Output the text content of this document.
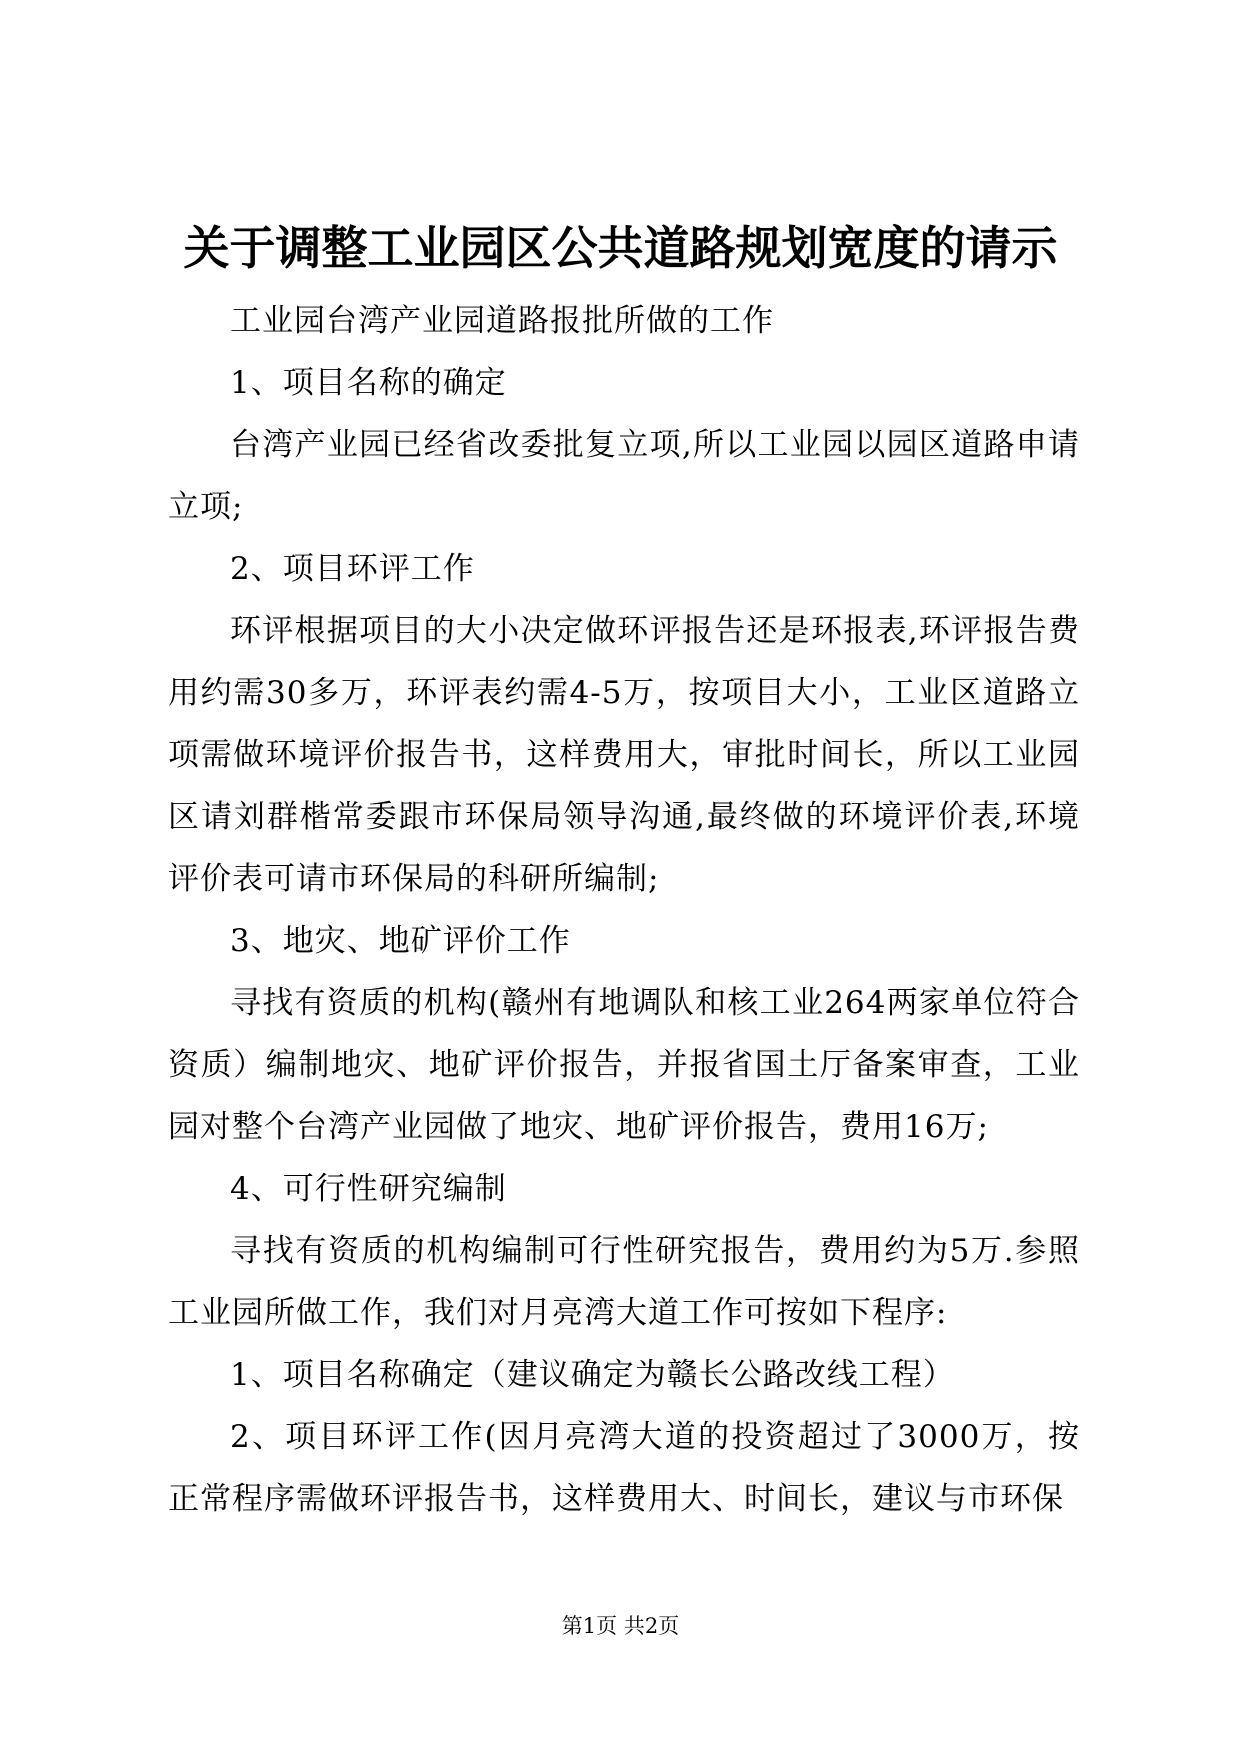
关于调整工业园区公共道路规划宽度的请示

工业园台湾产业园道路报批所做的工作

1、项目名称的确定

台湾产业园已经省改委批复立项,所以工业园以园区道路申请立项;

2、项目环评工作

环评根据项目的大小决定做环评报告还是环报表,环评报告费用约需30多万，环评表约需4-5万，按项目大小，工业区道路立项需做环境评价报告书，这样费用大，审批时间长，所以工业园区请刘群楷常委跟市环保局领导沟通,最终做的环境评价表,环境评价表可请市环保局的科研所编制;

3、地灾、地矿评价工作

寻找有资质的机构(赣州有地调队和核工业264两家单位符合资质）编制地灾、地矿评价报告，并报省国土厅备案审查，工业园对整个台湾产业园做了地灾、地矿评价报告，费用16万;

4、可行性研究编制

寻找有资质的机构编制可行性研究报告，费用约为5万.参照工业园所做工作，我们对月亮湾大道工作可按如下程序:

1、项目名称确定（建议确定为赣长公路改线工程）

2、项目环评工作(因月亮湾大道的投资超过了3000万，按正常程序需做环评报告书，这样费用大、时间长，建议与市环保

第1页 共2页
